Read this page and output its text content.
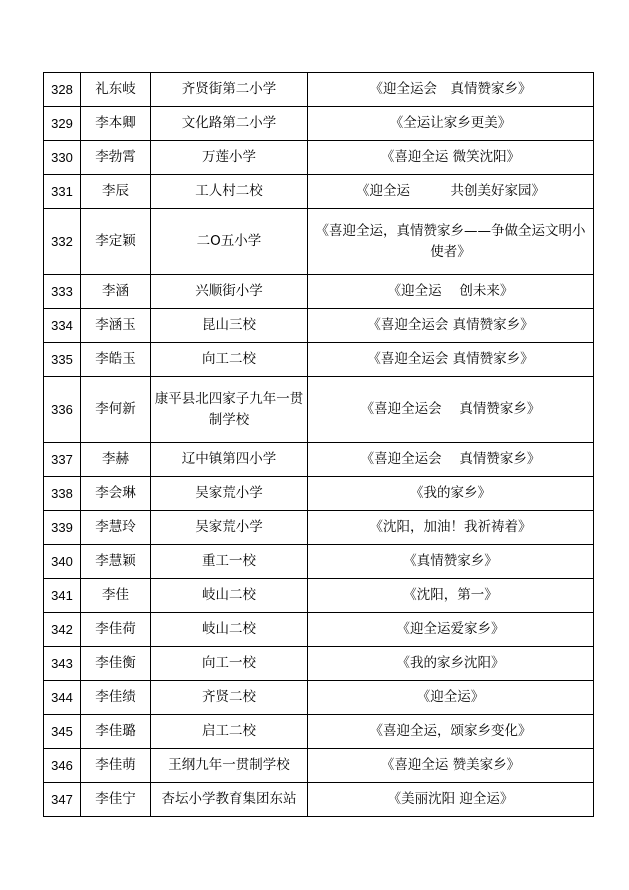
328	礼东岐	齐贤街第二小学	《迎全运会　真情赞家乡》
329	李本卿	文化路第二小学	《全运让家乡更美》
330	李勃霄	万莲小学	《喜迎全运 微笑沈阳》
331	李辰	工人村二校	《迎全运　　　共创美好家园》
332	李定颖	二O五小学	《喜迎全运，真情赞家乡——争做全运文明小使者》
333	李涵	兴顺街小学	《迎全运　 创未来》
334	李涵玉	昆山三校	《喜迎全运会 真情赞家乡》
335	李皓玉	向工二校	《喜迎全运会 真情赞家乡》
336	李何新	康平县北四家子九年一贯制学校	《喜迎全运会　 真情赞家乡》
337	李赫	辽中镇第四小学	《喜迎全运会　 真情赞家乡》
338	李会琳	吴家荒小学	《我的家乡》
339	李慧玲	吴家荒小学	《沈阳，加油！我祈祷着》
340	李慧颖	重工一校	《真情赞家乡》
341	李佳	岐山二校	《沈阳，第一》
342	李佳荷	岐山二校	《迎全运爱家乡》
343	李佳衡	向工一校	《我的家乡沈阳》
344	李佳绩	齐贤二校	《迎全运》
345	李佳璐	启工二校	《喜迎全运，颂家乡变化》
346	李佳萌	王纲九年一贯制学校	《喜迎全运 赞美家乡》
347	李佳宁	杏坛小学教育集团东站	《美丽沈阳 迎全运》
